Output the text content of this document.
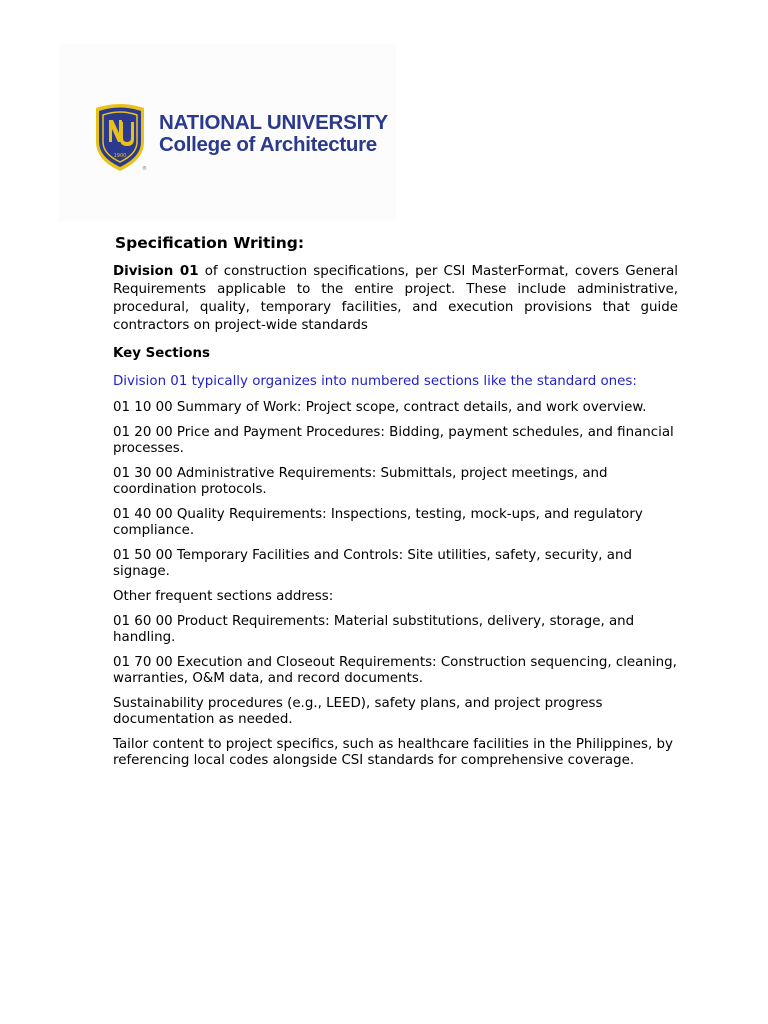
1900
NATIONAL UNIVERSITY
College of Architecture
®
Specification Writing:
Division 01 of construction specifications, per CSI MasterFormat, covers General Requirements applicable to the entire project. These include administrative, procedural, quality, temporary facilities, and execution provisions that guide contractors on project-wide standards
Key Sections
Division 01 typically organizes into numbered sections like the standard ones:
01 10 00 Summary of Work: Project scope, contract details, and work overview.
01 20 00 Price and Payment Procedures: Bidding, payment schedules, and financial processes.
01 30 00 Administrative Requirements: Submittals, project meetings, and coordination protocols.
01 40 00 Quality Requirements: Inspections, testing, mock-ups, and regulatory compliance.
01 50 00 Temporary Facilities and Controls: Site utilities, safety, security, and signage.
Other frequent sections address:
01 60 00 Product Requirements: Material substitutions, delivery, storage, and handling.
01 70 00 Execution and Closeout Requirements: Construction sequencing, cleaning, warranties, O&M data, and record documents.
Sustainability procedures (e.g., LEED), safety plans, and project progress documentation as needed.
Tailor content to project specifics, such as healthcare facilities in the Philippines, by referencing local codes alongside CSI standards for comprehensive coverage.
